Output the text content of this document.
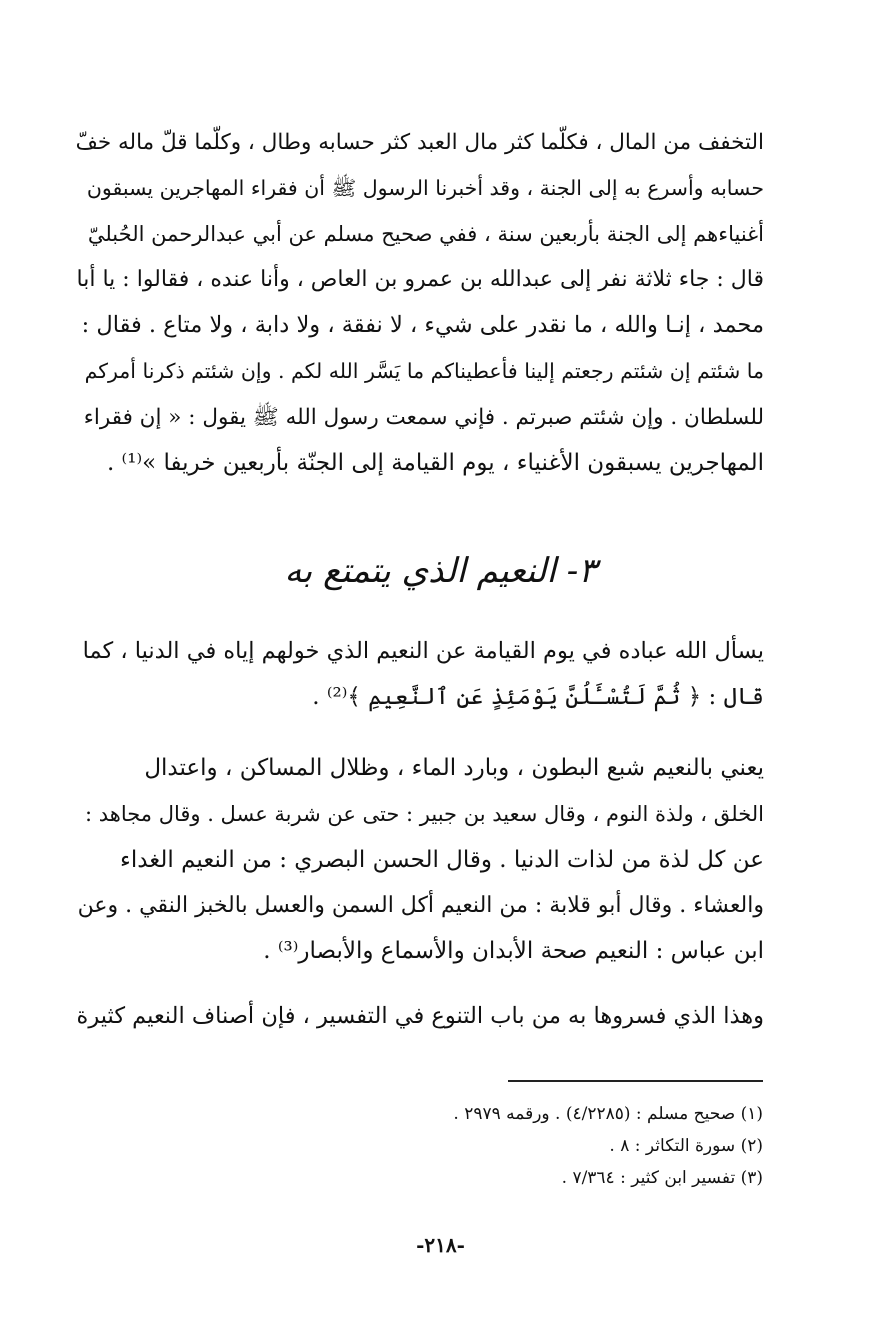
التخفف من المال ، فكلّما كثر مال العبد كثر حسابه وطال ، وكلّما قلّ ماله خفّ
حسابه وأسرع به إلى الجنة ، وقد أخبرنا الرسول ﷺ أن فقراء المهاجرين يسبقون
أغنياءهم إلى الجنة بأربعين سنة ، ففي صحيح مسلم عن أبي عبدالرحمن الحُبليّ
قال : جاء ثلاثة نفر إلى عبدالله بن عمرو بن العاص ، وأنا عنده ، فقالوا : يا أبا
محمد ، إنـا والله ، ما نقدر على شيء ، لا نفقة ، ولا دابة ، ولا متاع . فقال :
ما شئتم إن شئتم رجعتم إلينا فأعطيناكم ما يَسَّر الله لكم . وإن شئتم ذكرنا أمركم
للسلطان . وإن شئتم صبرتم . فإني سمعت رسول الله ﷺ يقول : « إن فقراء
المهاجرين يسبقون الأغنياء ، يوم القيامة إلى الجنّة بأربعين خريفا »⁽¹⁾ .
٣- النعيم الذي يتمتع به
يسأل الله عباده في يوم القيامة عن النعيم الذي خولهم إياه في الدنيا ، كما
قال : ﴿ ثُمَّ لَتُسْـَٔلُنَّ يَوْمَئِذٍ عَنِ ٱلنَّعِيمِ ﴾⁽²⁾ .
يعني بالنعيم شبع البطون ، وبارد الماء ، وظلال المساكن ، واعتدال
الخلق ، ولذة النوم ، وقال سعيد بن جبير : حتى عن شربة عسل . وقال مجاهد :
عن كل لذة من لذات الدنيا . وقال الحسن البصري : من النعيم الغداء
والعشاء . وقال أبو قلابة : من النعيم أكل السمن والعسل بالخبز النقي . وعن
ابن عباس : النعيم صحة الأبدان والأسماع والأبصار⁽³⁾ .
وهذا الذي فسروها به من باب التنوع في التفسير ، فإن أصناف النعيم كثيرة
(١) صحيح مسلم : (٤/٢٢٨٥) . ورقمه ٢٩٧٩ .
(٢) سورة التكاثر : ٨ .
(٣) تفسير ابن كثير : ٧/٣٦٤ .
-٢١٨-
